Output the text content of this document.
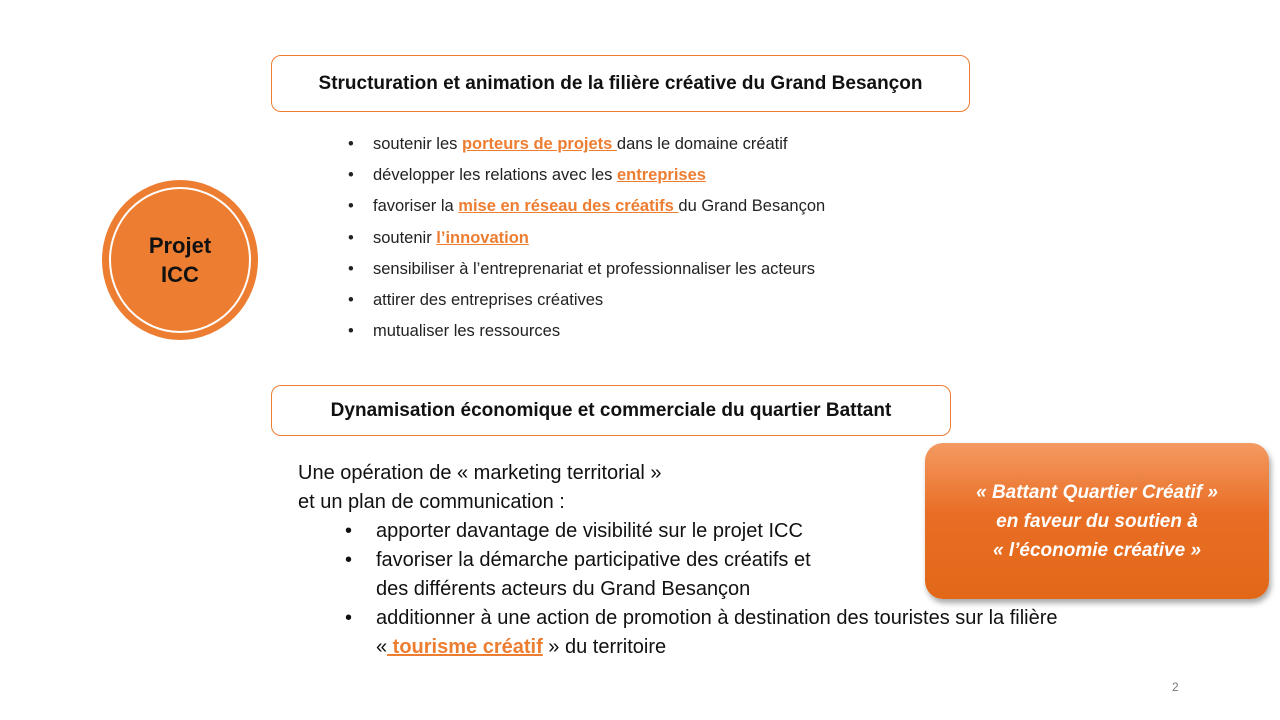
Structuration et animation de la filière créative du Grand Besançon
Projet
ICC
• soutenir les porteurs de projets dans le domaine créatif
• développer les relations avec les entreprises
• favoriser la mise en réseau des créatifs du Grand Besançon
• soutenir l’innovation
• sensibiliser à l’entreprenariat et professionnaliser les acteurs
• attirer des entreprises créatives
• mutualiser les ressources
Dynamisation économique et commerciale du quartier Battant
Une opération de « marketing territorial »
et un plan de communication :
• apporter davantage de visibilité sur le projet ICC
• favoriser la démarche participative des créatifs et
des différents acteurs du Grand Besançon
• additionner à une action de promotion à destination des touristes sur la filière
« tourisme créatif » du territoire
« Battant Quartier Créatif »
en faveur du soutien à
« l’économie créative »
2
